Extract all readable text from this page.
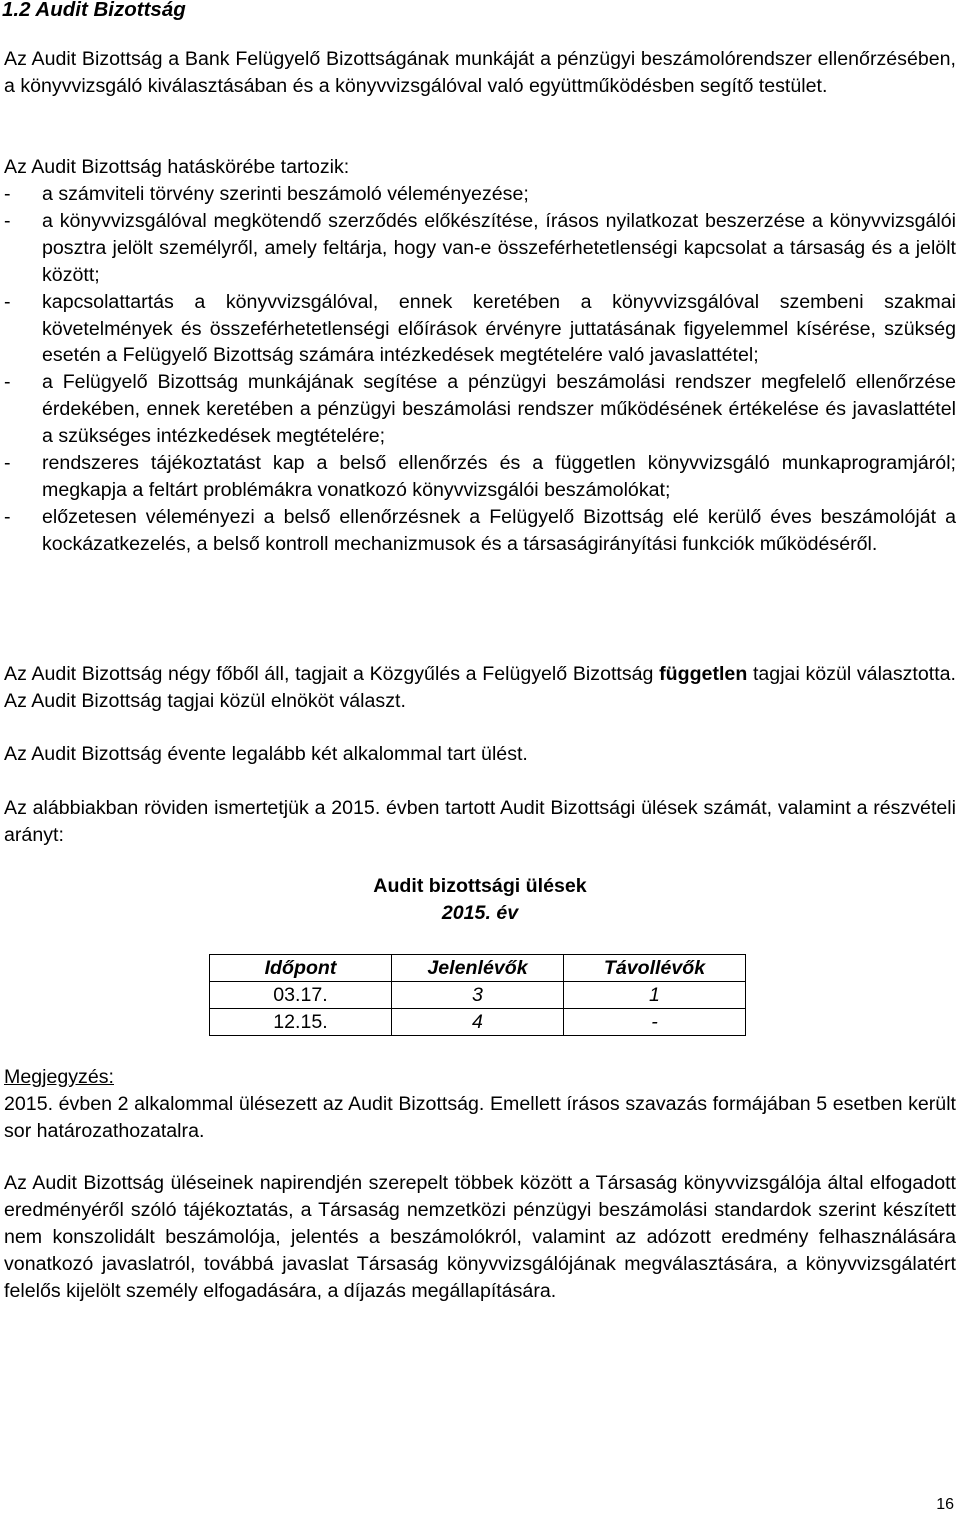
1.2 Audit Bizottság

Az Audit Bizottság a Bank Felügyelő Bizottságának munkáját a pénzügyi beszámolórendszer ellenőrzésében, a könyvvizsgáló kiválasztásában és a könyvvizsgálóval való együttműködésben segítő testület.

Az Audit Bizottság hatáskörébe tartozik:

- a számviteli törvény szerinti beszámoló véleményezése;
- a könyvvizsgálóval megkötendő szerződés előkészítése, írásos nyilatkozat beszerzése a könyvvizsgálói posztra jelölt személyről, amely feltárja, hogy van-e összeférhetetlenségi kapcsolat a társaság és a jelölt között;
- kapcsolattartás a könyvvizsgálóval, ennek keretében a könyvvizsgálóval szembeni szakmai követelmények és összeférhetetlenségi előírások érvényre juttatásának figyelemmel kísérése, szükség esetén a Felügyelő Bizottság számára intézkedések megtételére való javaslattétel;
- a Felügyelő Bizottság munkájának segítése a pénzügyi beszámolási rendszer megfelelő ellenőrzése érdekében, ennek keretében a pénzügyi beszámolási rendszer működésének értékelése és javaslattétel a szükséges intézkedések megtételére;
- rendszeres tájékoztatást kap a belső ellenőrzés és a független könyvvizsgáló munkaprogramjáról; megkapja a feltárt problémákra vonatkozó könyvvizsgálói beszámolókat;
- előzetesen véleményezi a belső ellenőrzésnek a Felügyelő Bizottság elé kerülő éves beszámolóját a kockázatkezelés, a belső kontroll mechanizmusok és a társaságirányítási funkciók működéséről.

Az Audit Bizottság négy főből áll, tagjait a Közgyűlés a Felügyelő Bizottság független tagjai közül választotta. Az Audit Bizottság tagjai közül elnököt választ.

Az Audit Bizottság évente legalább két alkalommal tart ülést.

Az alábbiakban röviden ismertetjük a 2015. évben tartott Audit Bizottsági ülések számát, valamint a részvételi arányt:

Audit bizottsági ülések
2015. év
Időpont	Jelenlévők	Távollévők
03.17.	3	1
12.15.	4	-
Megjegyzés:

2015. évben 2 alkalommal ülésezett az Audit Bizottság. Emellett írásos szavazás formájában 5 esetben került sor határozathozatalra.

Az Audit Bizottság üléseinek napirendjén szerepelt többek között a Társaság könyvvizsgálója által elfogadott eredményéről szóló tájékoztatás, a Társaság nemzetközi pénzügyi beszámolási standardok szerint készített nem konszolidált beszámolója, jelentés a beszámolókról, valamint az adózott eredmény felhasználására vonatkozó javaslatról, továbbá javaslat Társaság könyvvizsgálójának megválasztására, a könyvvizsgálatért felelős kijelölt személy elfogadására, a díjazás megállapítására.

16
